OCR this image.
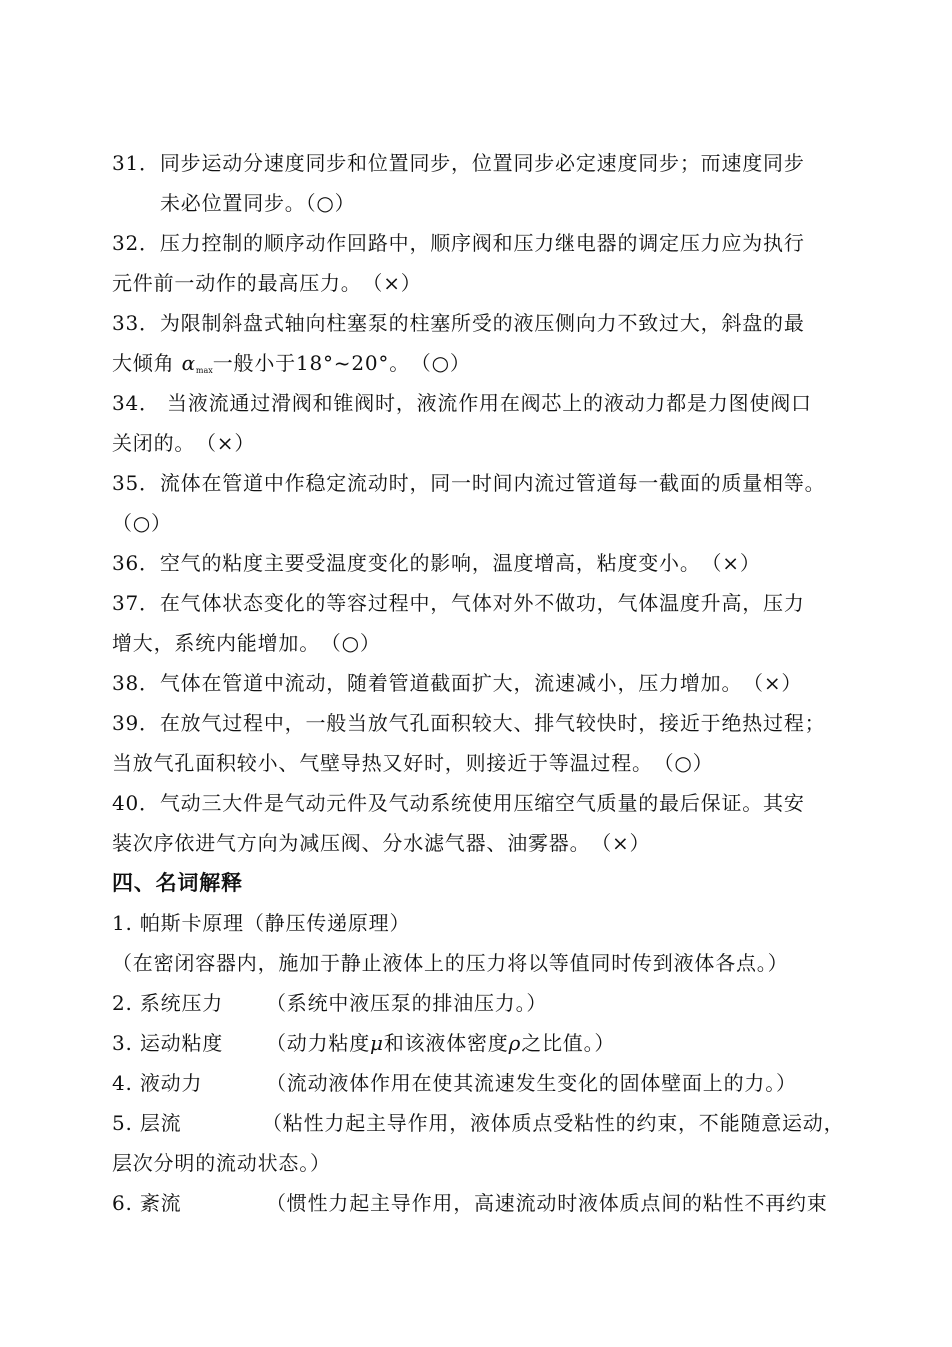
31．同步运动分速度同步和位置同步，位置同步必定速度同步；而速度同步
未必位置同步。（○）
32．压力控制的顺序动作回路中，顺序阀和压力继电器的调定压力应为执行
元件前一动作的最高压力。　（×）
33．为限制斜盘式轴向柱塞泵的柱塞所受的液压侧向力不致过大，斜盘的最
大倾角 $\alpha_{max}$一般小于18°~20°。　（○）
34． 当液流通过滑阀和锥阀时，液流作用在阀芯上的液动力都是力图使阀口
关闭的。　（×）
35．流体在管道中作稳定流动时，同一时间内流过管道每一截面的质量相等。
（○）
36．空气的粘度主要受温度变化的影响，温度增高，粘度变小。　（×）
37．在气体状态变化的等容过程中，气体对外不做功，气体温度升高，压力
增大，系统内能增加。　（○）
38．气体在管道中流动，随着管道截面扩大，流速减小，压力增加。　（×）
39．在放气过程中，一般当放气孔面积较大、排气较快时，接近于绝热过程；
当放气孔面积较小、气壁导热又好时，则接近于等温过程。　（○）
40．气动三大件是气动元件及气动系统使用压缩空气质量的最后保证。其安
装次序依进气方向为减压阀、分水滤气器、油雾器。　（×）
四、名词解释
1. 帕斯卡原理（静压传递原理）
（在密闭容器内，施加于静止液体上的压力将以等值同时传到液体各点。）
2. 系统压力 （系统中液压泵的排油压力。）
3. 运动粘度 （动力粘度μ和该液体密度ρ之比值。）
4. 液动力	（流动液体作用在使其流速发生变化的固体壁面上的力。）
5. 层流	（粘性力起主导作用，液体质点受粘性的约束，不能随意运动，
层次分明的流动状态。）
6. 紊流	（惯性力起主导作用，高速流动时液体质点间的粘性不再约束
